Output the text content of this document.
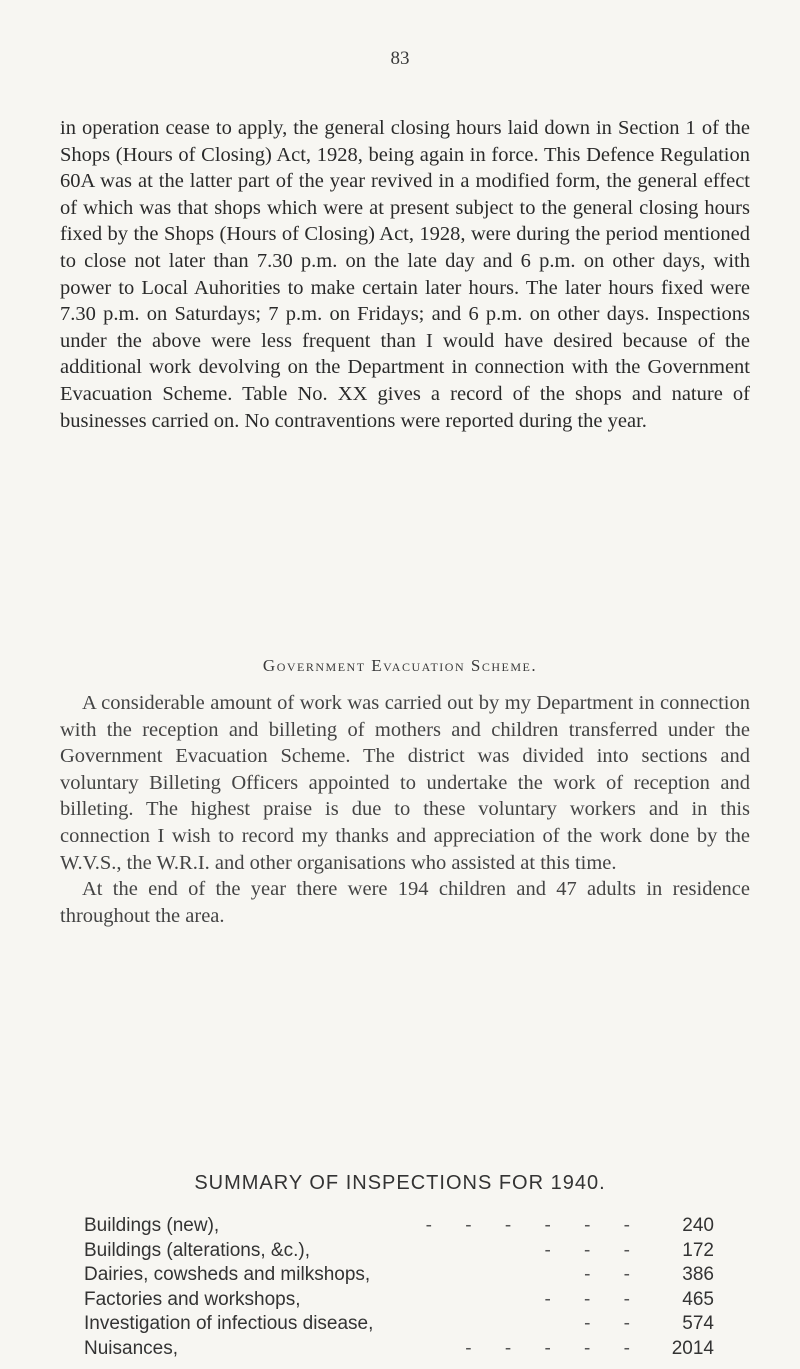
83

in operation cease to apply, the general closing hours laid down in Section 1 of the Shops (Hours of Closing) Act, 1928, being again in force. This Defence Regulation 60A was at the latter part of the year revived in a modified form, the general effect of which was that shops which were at present subject to the general closing hours fixed by the Shops (Hours of Closing) Act, 1928, were during the period mentioned to close not later than 7.30 p.m. on the late day and 6 p.m. on other days, with power to Local Auhorities to make certain later hours. The later hours fixed were 7.30 p.m. on Saturdays; 7 p.m. on Fridays; and 6 p.m. on other days. Inspections under the above were less frequent than I would have desired because of the additional work devolving on the Department in connection with the Government Evacuation Scheme. Table No. XX gives a record of the shops and nature of businesses carried on. No contraventions were reported during the year.

Government Evacuation Scheme.
A considerable amount of work was carried out by my Department in connection with the reception and billeting of mothers and children transferred under the Government Evacuation Scheme. The district was divided into sections and voluntary Billeting Officers appointed to undertake the work of reception and billeting. The highest praise is due to these voluntary workers and in this connection I wish to record my thanks and appreciation of the work done by the W.V.S., the W.R.I. and other organisations who assisted at this time.
At the end of the year there were 194 children and 47 adults in residence throughout the area.
SUMMARY OF INSPECTIONS FOR 1940.
Buildings (new),	- - - - - -	240
Buildings (alterations, &c.),	- - -	172
Dairies, cowsheds and milkshops,	- -	386
Factories and workshops,	- - -	465
Investigation of infectious disease,	- -	574
Nuisances,	- - - - -	2014
